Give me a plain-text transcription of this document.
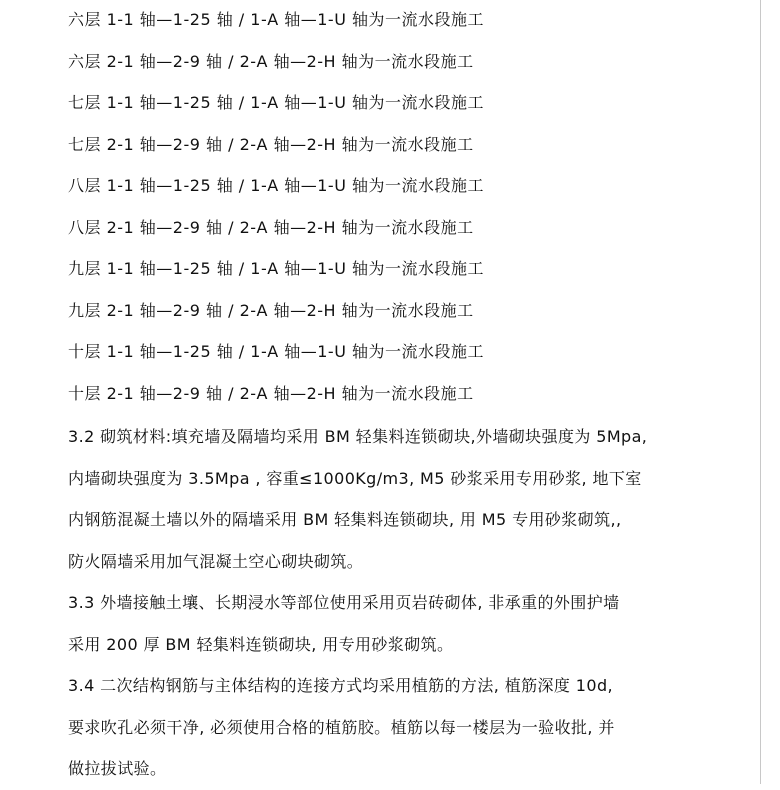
六层 1-1 轴—1-25 轴 / 1-A 轴—1-U 轴为一流水段施工
六层 2-1 轴—2-9 轴 / 2-A 轴—2-H 轴为一流水段施工
七层 1-1 轴—1-25 轴 / 1-A 轴—1-U 轴为一流水段施工
七层 2-1 轴—2-9 轴 / 2-A 轴—2-H 轴为一流水段施工
八层 1-1 轴—1-25 轴 / 1-A 轴—1-U 轴为一流水段施工
八层 2-1 轴—2-9 轴 / 2-A 轴—2-H 轴为一流水段施工
九层 1-1 轴—1-25 轴 / 1-A 轴—1-U 轴为一流水段施工
九层 2-1 轴—2-9 轴 / 2-A 轴—2-H 轴为一流水段施工
十层 1-1 轴—1-25 轴 / 1-A 轴—1-U 轴为一流水段施工
十层 2-1 轴—2-9 轴 / 2-A 轴—2-H 轴为一流水段施工
3.2 砌筑材料:填充墙及隔墙均采用 BM 轻集料连锁砌块,外墙砌块强度为 5Mpa,
内墙砌块强度为 3.5Mpa , 容重≤1000Kg/m3, M5 砂浆采用专用砂浆, 地下室
内钢筋混凝土墙以外的隔墙采用 BM 轻集料连锁砌块, 用 M5 专用砂浆砌筑,,
防火隔墙采用加气混凝土空心砌块砌筑。
3.3 外墙接触土壤、长期浸水等部位使用采用页岩砖砌体, 非承重的外围护墙
采用 200 厚 BM 轻集料连锁砌块, 用专用砂浆砌筑。
3.4 二次结构钢筋与主体结构的连接方式均采用植筋的方法, 植筋深度 10d,
要求吹孔必须干净, 必须使用合格的植筋胶。植筋以每一楼层为一验收批, 并
做拉拔试验。
